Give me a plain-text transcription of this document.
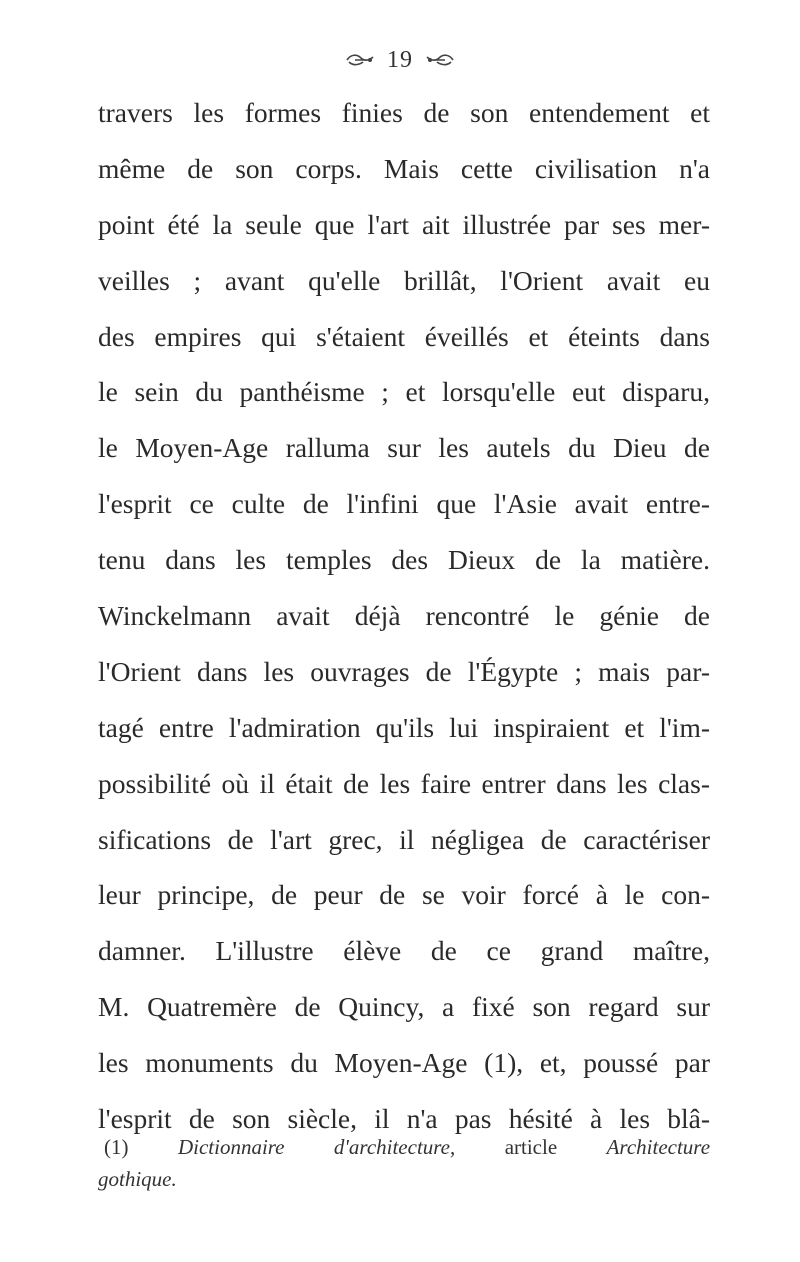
19
travers les formes finies de son entendement et
même de son corps. Mais cette civilisation n'a
point été la seule que l'art ait illustrée par ses mer-
veilles ; avant qu'elle brillât, l'Orient avait eu
des empires qui s'étaient éveillés et éteints dans
le sein du panthéisme ; et lorsqu'elle eut disparu,
le Moyen-Age ralluma sur les autels du Dieu de
l'esprit ce culte de l'infini que l'Asie avait entre-
tenu dans les temples des Dieux de la matière.
Winckelmann avait déjà rencontré le génie de
l'Orient dans les ouvrages de l'Égypte ; mais par-
tagé entre l'admiration qu'ils lui inspiraient et l'im-
possibilité où il était de les faire entrer dans les clas-
sifications de l'art grec, il négligea de caractériser
leur principe, de peur de se voir forcé à le con-
damner. L'illustre élève de ce grand maître,
M. Quatremère de Quincy, a fixé son regard sur
les monuments du Moyen-Age (1), et, poussé par
l'esprit de son siècle, il n'a pas hésité à les blâ-
(1) Dictionnaire d'architecture, article Architecture
gothique.
